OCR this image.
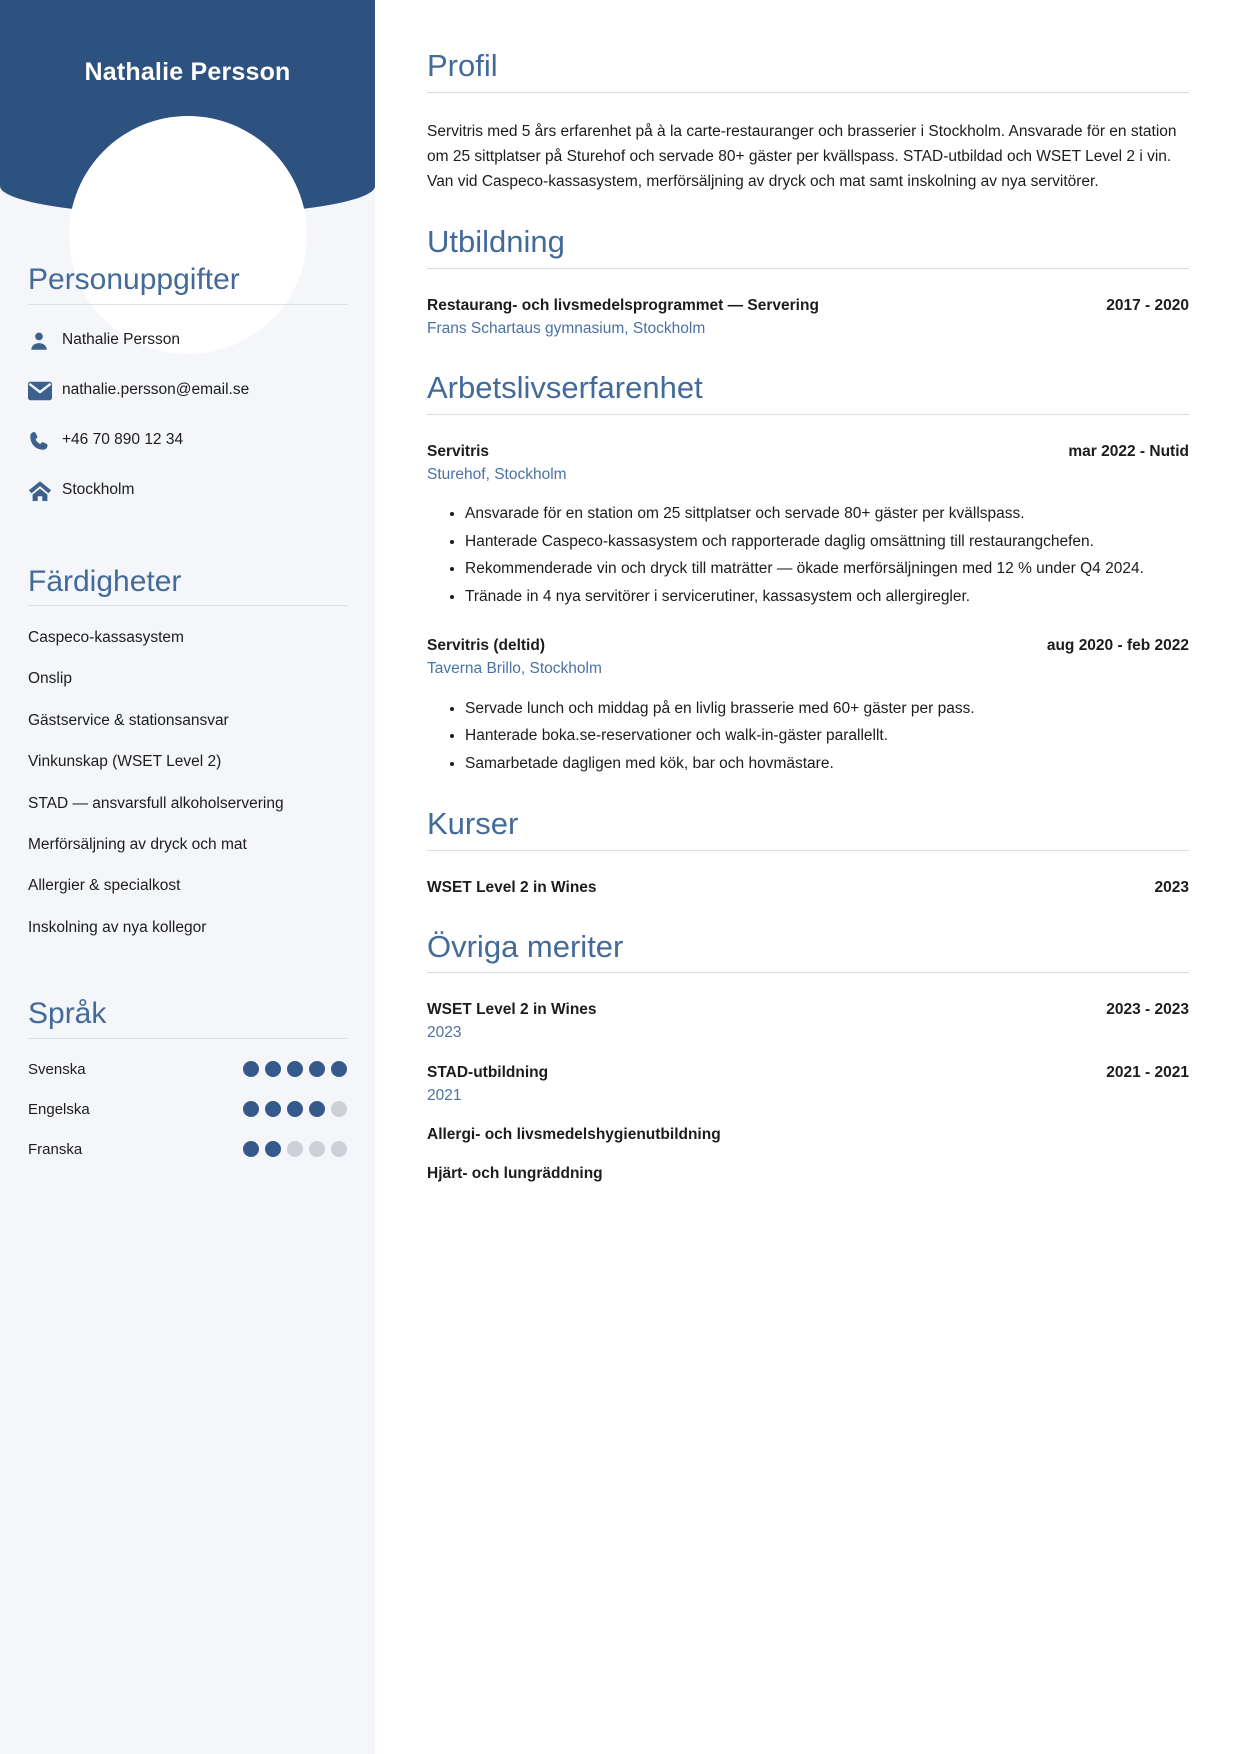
Nathalie Persson
Personuppgifter
Nathalie Persson
nathalie.persson@email.se
+46 70 890 12 34
Stockholm
Färdigheter
Caspeco-kassasystem
Onslip
Gästservice & stationsansvar
Vinkunskap (WSET Level 2)
STAD — ansvarsfull alkoholservering
Merförsäljning av dryck och mat
Allergier & specialkost
Inskolning av nya kollegor
Språk
Svenska
Engelska
Franska
Profil

Servitris med 5 års erfarenhet på à la carte-restauranger och brasserier i Stockholm. Ansvarade för en station om 25 sittplatser på Sturehof och servade 80+ gäster per kvällspass. STAD-utbildad och WSET Level 2 i vin. Van vid Caspeco-kassasystem, merförsäljning av dryck och mat samt inskolning av nya servitörer.

Utbildning
Restaurang- och livsmedelsprogrammet — Servering	2017 - 2020
Frans Schartaus gymnasium, Stockholm
Arbetslivserfarenhet
Servitris	mar 2022 - Nutid
Sturehof, Stockholm
• Ansvarade för en station om 25 sittplatser och servade 80+ gäster per kvällspass.
• Hanterade Caspeco-kassasystem och rapporterade daglig omsättning till restaurangchefen.
• Rekommenderade vin och dryck till maträtter — ökade merförsäljningen med 12 % under Q4 2024.
• Tränade in 4 nya servitörer i servicerutiner, kassasystem och allergiregler.
Servitris (deltid)	aug 2020 - feb 2022
Taverna Brillo, Stockholm
• Servade lunch och middag på en livlig brasserie med 60+ gäster per pass.
• Hanterade boka.se-reservationer och walk-in-gäster parallellt.
• Samarbetade dagligen med kök, bar och hovmästare.
Kurser
WSET Level 2 in Wines	2023
Övriga meriter
WSET Level 2 in Wines	2023 - 2023
2023
STAD-utbildning	2021 - 2021
2021
Allergi- och livsmedelshygienutbildning
Hjärt- och lungräddning
